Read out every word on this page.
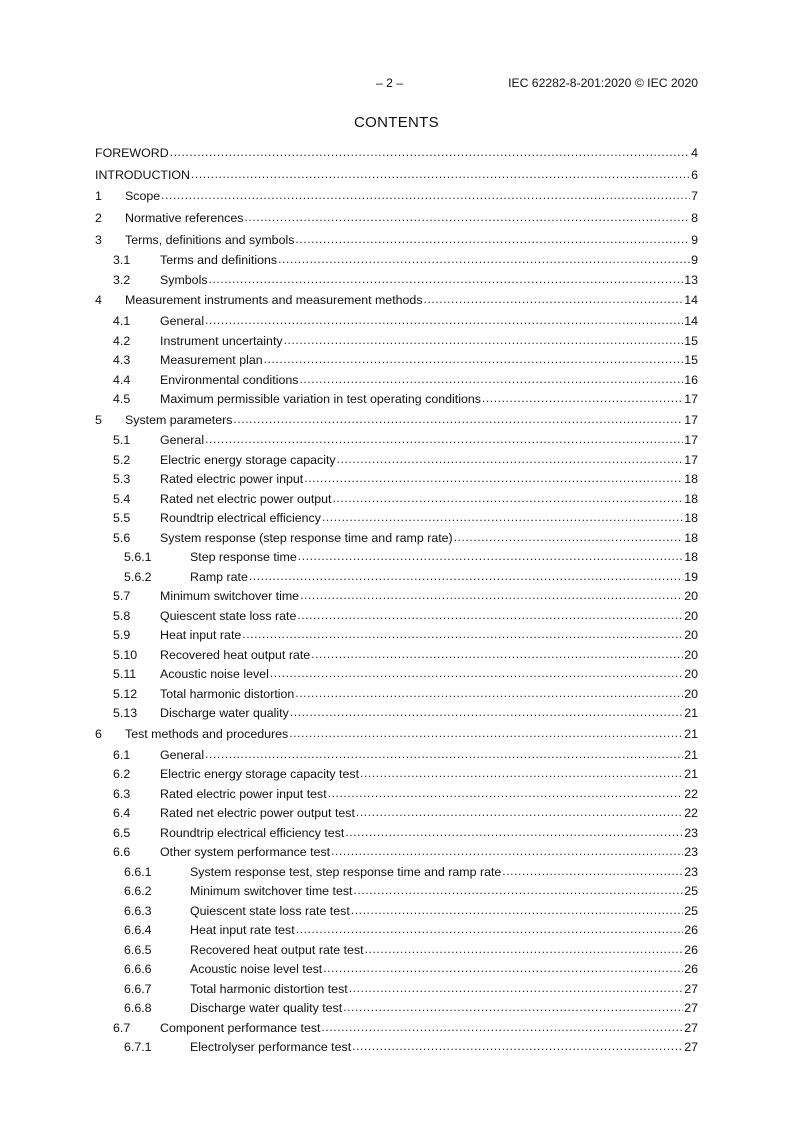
– 2 –	IEC 62282-8-201:2020 © IEC 2020
CONTENTS
FOREWORD .....	4
INTRODUCTION .....	6
1	Scope .....	7
2	Normative references .....	8
3	Terms, definitions and symbols .....	9
3.1	Terms and definitions .....	9
3.2	Symbols .....	13
4	Measurement instruments and measurement methods .....	14
4.1	General .....	14
4.2	Instrument uncertainty .....	15
4.3	Measurement plan .....	15
4.4	Environmental conditions .....	16
4.5	Maximum permissible variation in test operating conditions .....	17
5	System parameters .....	17
5.1	General .....	17
5.2	Electric energy storage capacity .....	17
5.3	Rated electric power input .....	18
5.4	Rated net electric power output .....	18
5.5	Roundtrip electrical efficiency .....	18
5.6	System response (step response time and ramp rate) .....	18
5.6.1	Step response time .....	18
5.6.2	Ramp rate .....	19
5.7	Minimum switchover time .....	20
5.8	Quiescent state loss rate .....	20
5.9	Heat input rate .....	20
5.10	Recovered heat output rate .....	20
5.11	Acoustic noise level .....	20
5.12	Total harmonic distortion .....	20
5.13	Discharge water quality .....	21
6	Test methods and procedures .....	21
6.1	General .....	21
6.2	Electric energy storage capacity test .....	21
6.3	Rated electric power input test .....	22
6.4	Rated net electric power output test .....	22
6.5	Roundtrip electrical efficiency test .....	23
6.6	Other system performance test .....	23
6.6.1	System response test, step response time and ramp rate .....	23
6.6.2	Minimum switchover time test .....	25
6.6.3	Quiescent state loss rate test .....	25
6.6.4	Heat input rate test .....	26
6.6.5	Recovered heat output rate test .....	26
6.6.6	Acoustic noise level test .....	26
6.6.7	Total harmonic distortion test .....	27
6.6.8	Discharge water quality test .....	27
6.7	Component performance test .....	27
6.7.1	Electrolyser performance test .....	27
